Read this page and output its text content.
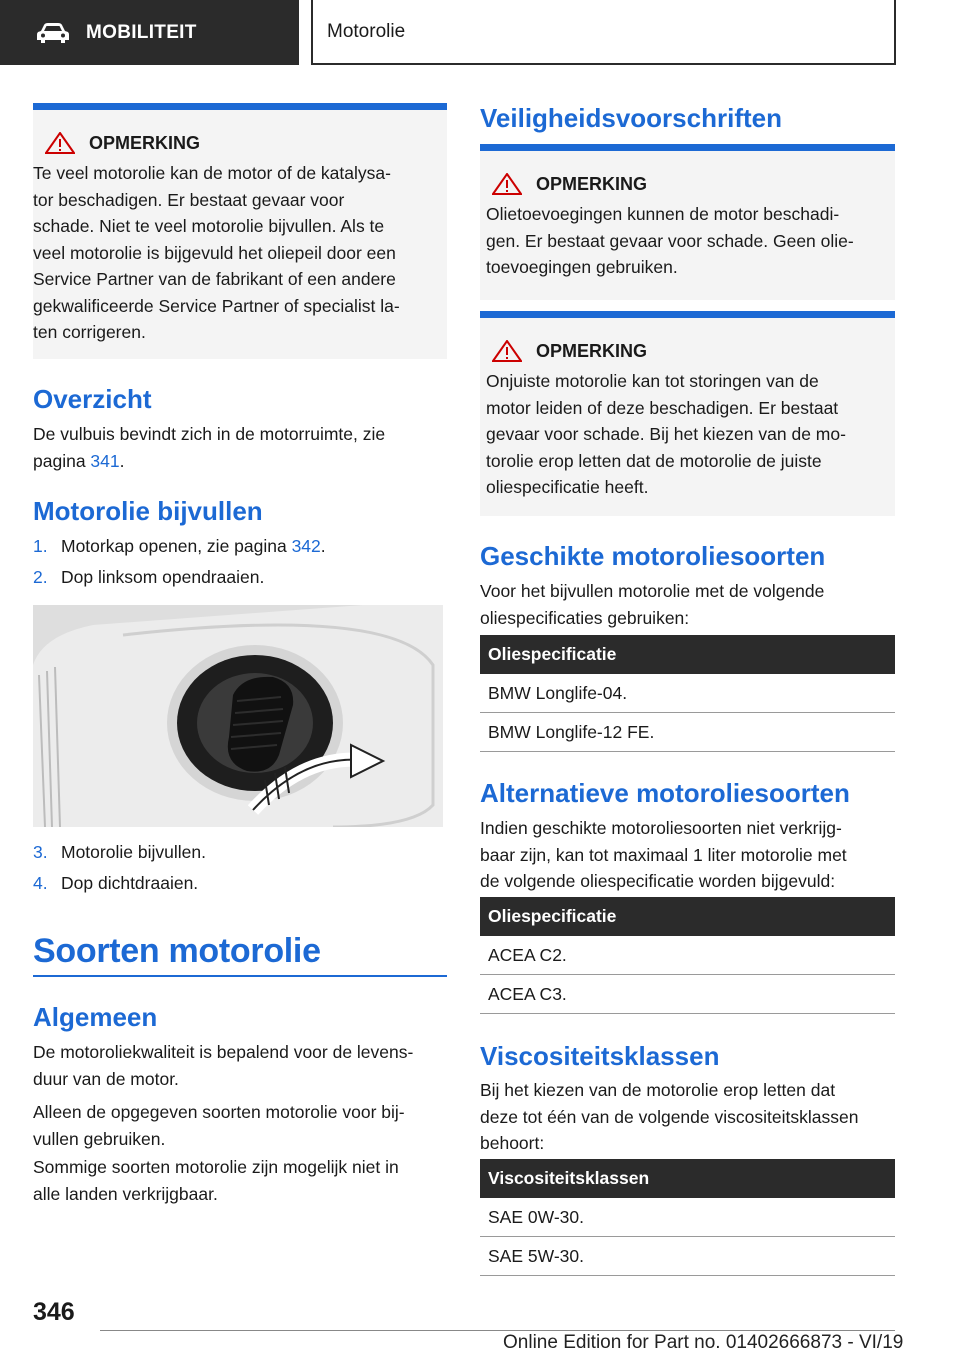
MOBILITEIT	Motorolie
OPMERKING
Te veel motorolie kan de motor of de katalysa-
tor beschadigen. Er bestaat gevaar voor
schade. Niet te veel motorolie bijvullen. Als te
veel motorolie is bijgevuld het oliepeil door een
Service Partner van de fabrikant of een andere
gekwalificeerde Service Partner of specialist la-
ten corrigeren.
Overzicht
De vulbuis bevindt zich in de motorruimte, zie
pagina 341.
Motorolie bijvullen
1. Motorkap openen, zie pagina 342.
2. Dop linksom opendraaien.
3. Motorolie bijvullen.
4. Dop dichtdraaien.
Soorten motorolie
Algemeen
De motoroliekwaliteit is bepalend voor de levens-
duur van de motor.
Alleen de opgegeven soorten motorolie voor bij-
vullen gebruiken.
Sommige soorten motorolie zijn mogelijk niet in
alle landen verkrijgbaar.
Veiligheidsvoorschriften
OPMERKING
Olietoevoegingen kunnen de motor beschadi-
gen. Er bestaat gevaar voor schade. Geen olie-
toevoegingen gebruiken.
OPMERKING
Onjuiste motorolie kan tot storingen van de
motor leiden of deze beschadigen. Er bestaat
gevaar voor schade. Bij het kiezen van de mo-
torolie erop letten dat de motorolie de juiste
oliespecificatie heeft.
Geschikte motoroliesoorten
Voor het bijvullen motorolie met de volgende
oliespecificaties gebruiken:
Oliespecificatie
BMW Longlife-04.
BMW Longlife-12 FE.
Alternatieve motoroliesoorten
Indien geschikte motoroliesoorten niet verkrijg-
baar zijn, kan tot maximaal 1 liter motorolie met
de volgende oliespecificatie worden bijgevuld:
Oliespecificatie
ACEA C2.
ACEA C3.
Viscositeitsklassen
Bij het kiezen van de motorolie erop letten dat
deze tot één van de volgende viscositeitsklassen
behoort:
Viscositeitsklassen
SAE 0W-30.
SAE 5W-30.
346
Online Edition for Part no. 01402666873 - VI/19
